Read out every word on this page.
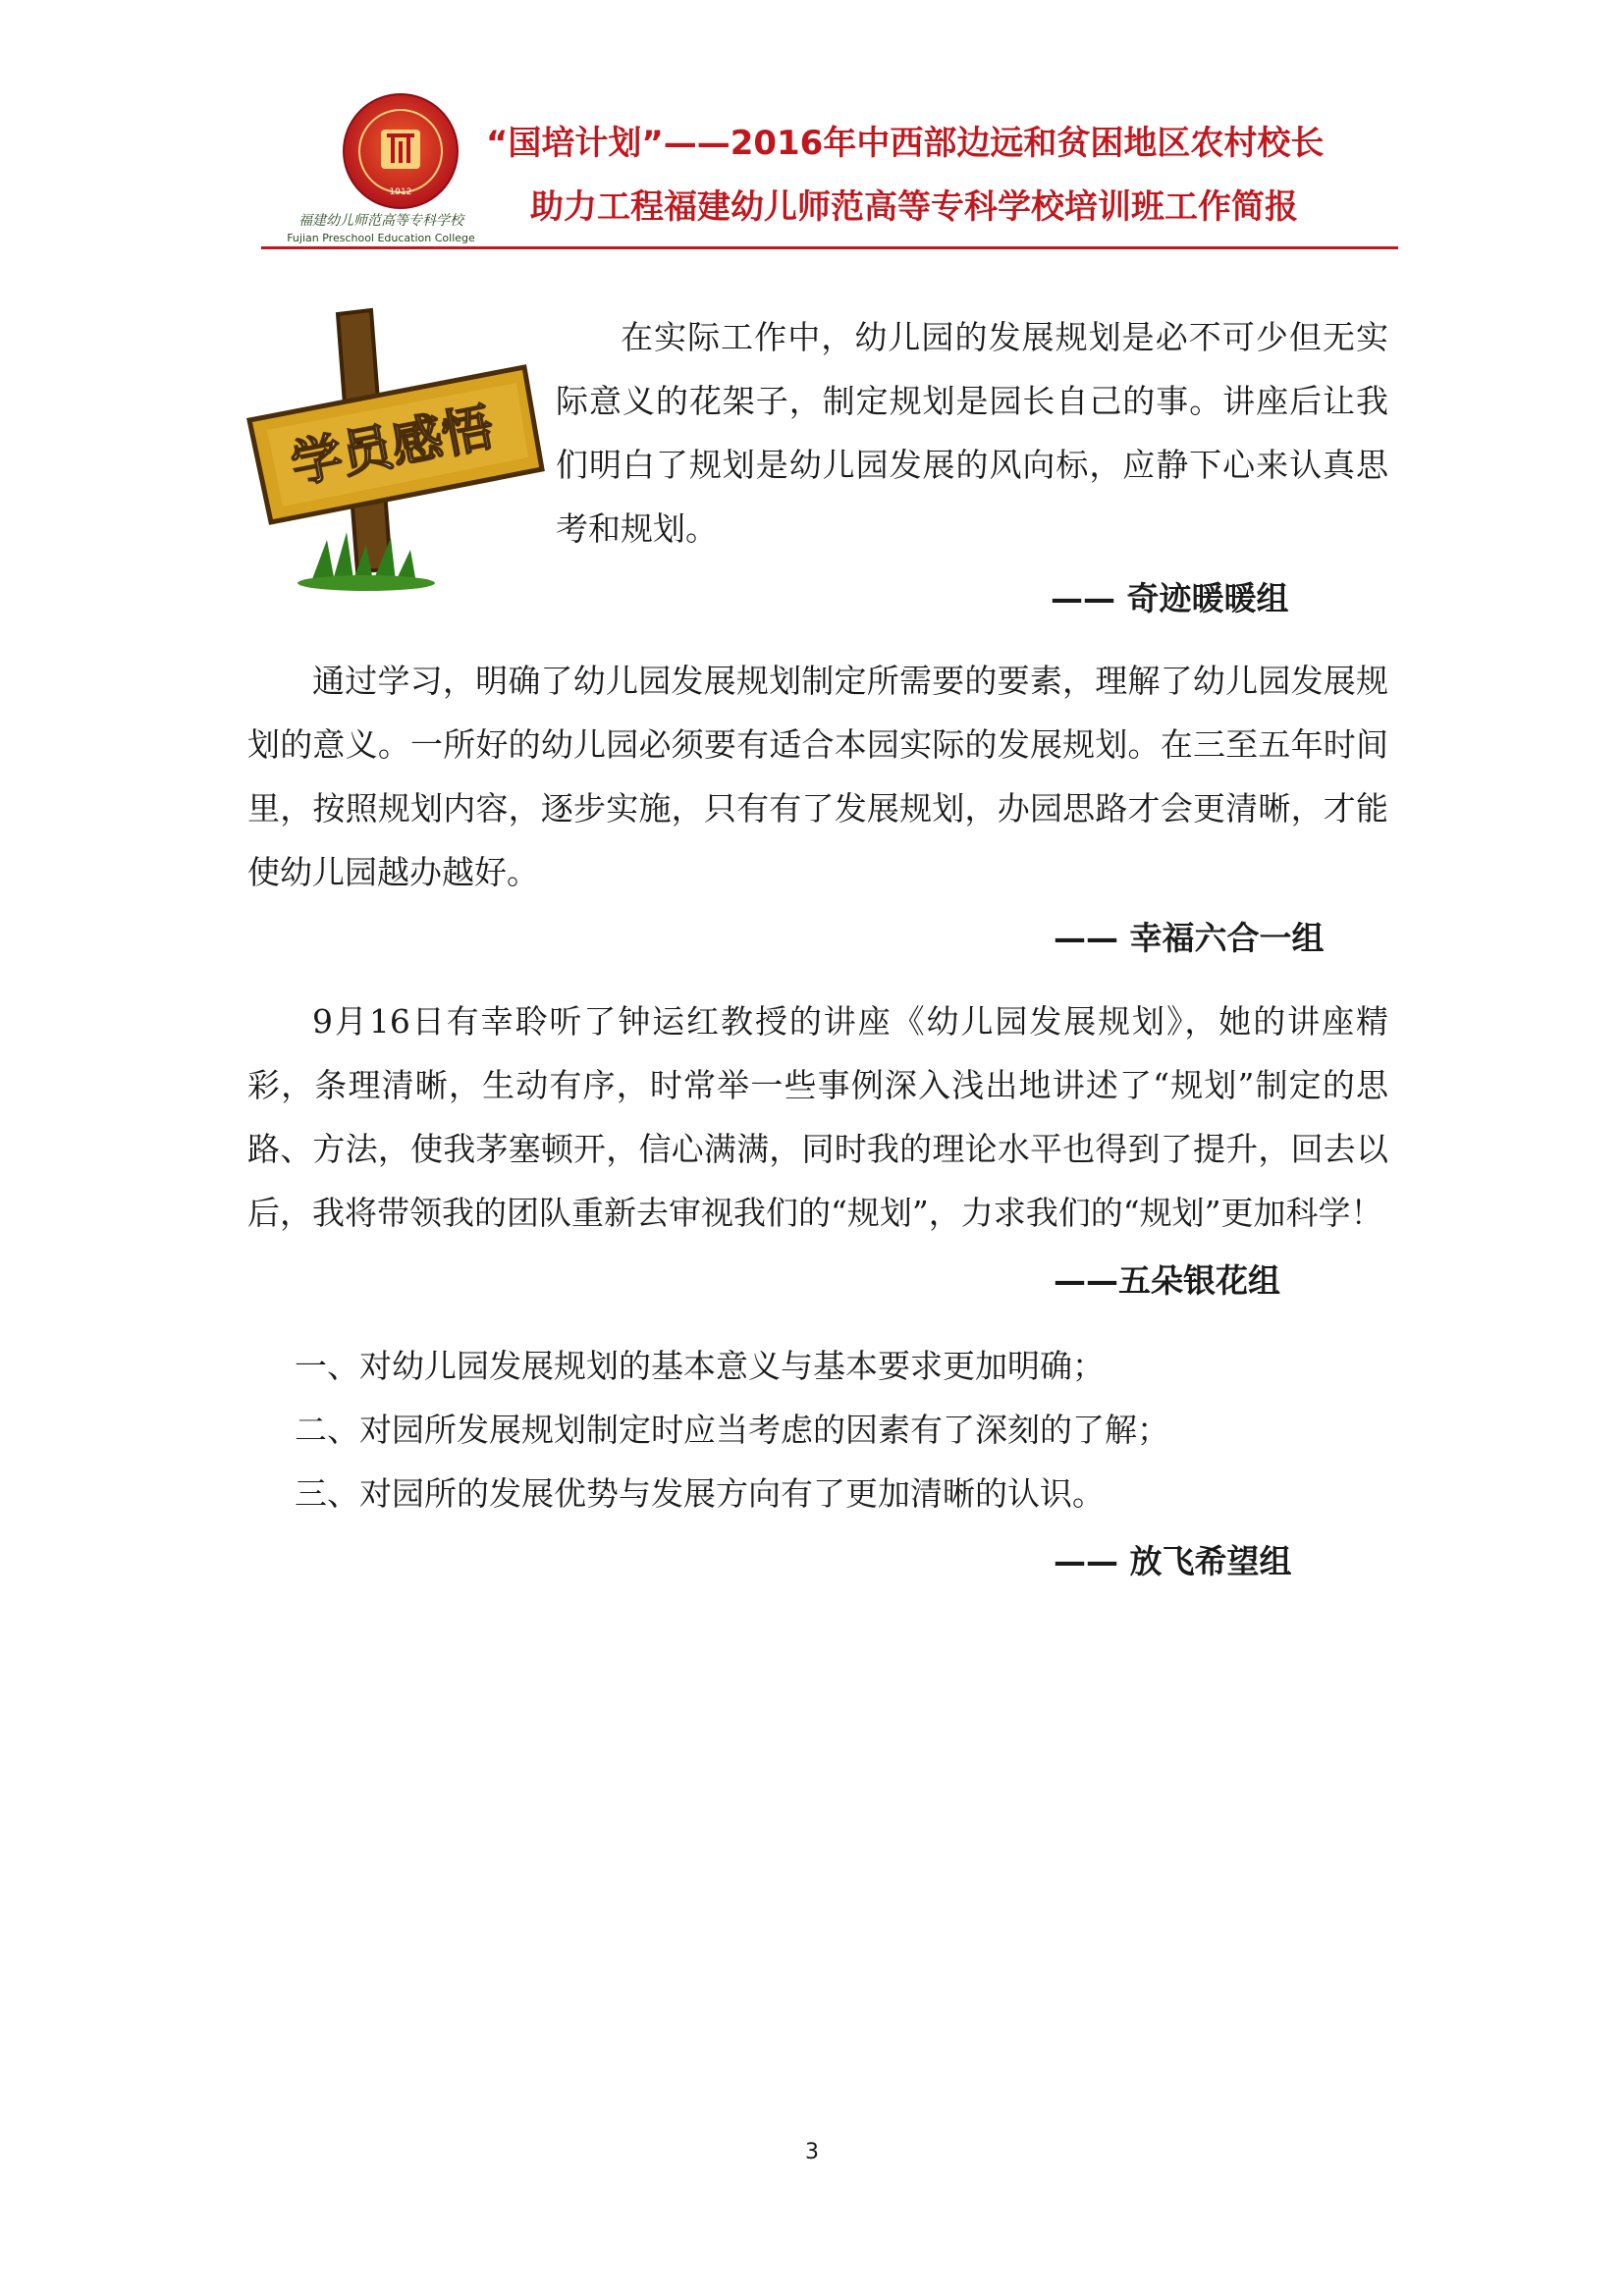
1912
福建幼儿师范高等专科学校
Fujian Preschool Education College
“国培计划”——2016年中西部边远和贫困地区农村校长
助力工程福建幼儿师范高等专科学校培训班工作简报
学员感悟

在实际工作中，幼儿园的发展规划是必不可少但无实际意义的花架子，制定规划是园长自己的事。讲座后让我们明白了规划是幼儿园发展的风向标，应静下心来认真思考和规划。

—— 奇迹暖暖组

通过学习，明确了幼儿园发展规划制定所需要的要素，理解了幼儿园发展规划的意义。一所好的幼儿园必须要有适合本园实际的发展规划。在三至五年时间里，按照规划内容，逐步实施，只有有了发展规划，办园思路才会更清晰，才能使幼儿园越办越好。

—— 幸福六合一组

9月16日有幸聆听了钟运红教授的讲座《幼儿园发展规划》，她的讲座精彩，条理清晰，生动有序，时常举一些事例深入浅出地讲述了“规划”制定的思路、方法，使我茅塞顿开，信心满满，同时我的理论水平也得到了提升，回去以后，我将带领我的团队重新去审视我们的“规划”，力求我们的“规划”更加科学！

——五朵银花组
一、对幼儿园发展规划的基本意义与基本要求更加明确；
二、对园所发展规划制定时应当考虑的因素有了深刻的了解；
三、对园所的发展优势与发展方向有了更加清晰的认识。
—— 放飞希望组
3
